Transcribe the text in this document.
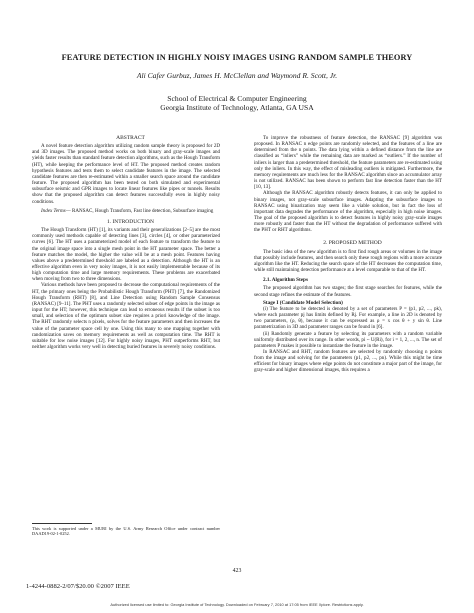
FEATURE DETECTION IN HIGHLY NOISY IMAGES USING RANDOM SAMPLE THEORY
Ali Cafer Gurbuz, James H. McClellan and Waymond R. Scott, Jr.
School of Electrical & Computer Engineering
Georgia Institute of Technology, Atlanta, GA USA

ABSTRACT

A novel feature detection algorithm utilizing random sample theory is proposed for 2D and 3D images. The proposed method works on both binary and gray-scale images and yields faster results than standard feature detection algorithms, such as the Hough Transform (HT), while keeping the performance level of HT. The proposed method creates random hypothesis features and tests them to select candidate features in the image. The selected candidate features are then re-estimated within a smaller search space around the candidate feature. The proposed algorithm has been tested on both simulated and experimental subsurface seismic and GPR images to locate linear features like pipes or tunnels. Results show that the proposed algorithm can detect features successfully even in highly noisy conditions.

Index Terms— RANSAC, Hough Transform, Fast line detection, Subsurface imaging

1. INTRODUCTION

The Hough Transform (HT) [1], its variants and their generalizations [2–5] are the most commonly used methods capable of detecting lines [3], circles [4], or other parameterized curves [6]. The HT uses a parameterized model of each feature to transform the feature to the original image space into a single mesh point in the HT parameter space. The better a feature matches the model, the higher the value will be at a mesh point. Features having values above a predetermined threshold are labeled as a detection. Although the HT is an effective algorithm even in very noisy images, it is not easily implementable because of its high computation time and large memory requirements. These problems are exacerbated when moving from two to three dimensions.

Various methods have been proposed to decrease the computational requirements of the HT, the primary ones being the Probabilistic Hough Transform (PHT) [7], the Randomized Hough Transform (RHT) [8], and Line Detection using Random Sample Consensus (RANSAC) [9–11]. The PHT uses a randomly selected subset of edge points in the image as input for the HT; however, this technique can lead to erroneous results if the subset is too small, and selection of the optimum subset size requires a priori knowledge of the image. The RHT randomly selects n pixels, solves for the feature parameters and then increases the value of the parameter space cell by one. Using this many to one mapping together with randomization saves on memory requirements as well as computation time. The RHT is suitable for low noise images [12]. For highly noisy images, PHT outperforms RHT, but neither algorithm works very well in detecting buried features in severely noisy conditions.

This work is supported under a MURI by the U.S. Army Research Office under contract number DAAD19-02-1-0252.

To improve the robustness of feature detection, the RANSAC [9] algorithm was proposed. In RANSAC n edge points are randomly selected, and the features of a line are determined from the n points. The data lying within a defined distance from the line are classified as “inliers” while the remaining data are marked as “outliers.” If the number of inliers is larger than a predetermined threshold, the feature parameters are re-estimated using only the inliers. In this way, the effect of misleading outliers is mitigated. Furthermore, the memory requirements are much less for the RANSAC algorithm since an accumulator array is not utilized. RANSAC has been shown to perform fast line detection faster than the HT [10, 13].

Although the RANSAC algorithm robustly detects features, it can only be applied to binary images, not gray-scale subsurface images. Adapting the subsurface images to RANSAC using binarization may seem like a viable solution, but in fact the loss of important data degrades the performance of the algorithm, especially in high noise images. The goal of the proposed algorithm is to detect features in highly noisy gray-scale images more robustly and faster than the HT without the degradation of performance suffered with the PHT or RHT algorithms.

2. PROPOSED METHOD

The basic idea of the new algorithm is to first find rough areas or volumes in the image that possibly include features, and then search only these rough regions with a more accurate algorithm like the HT. Reducing the search space of the HT decreases the computation time, while still maintaining detection performance at a level comparable to that of the HT.

2.1. Algorithm Steps

The proposed algorithm has two stages; the first stage searches for features, while the second stage refines the estimate of the features.

Stage I (Candidate Model Selection)

(i) The feature to be detected is denoted by a set of parameters P = (p1, p2, ..., pk), where each parameter pj has limits defined by Rj. For example, a line in 2D is denoted by two parameters, (ρ, θ), because it can be expressed as ρ = x cos θ + y sin θ. Line parametrization in 3D and parameter ranges can be found in [6].

(ii) Randomly generate a feature by selecting its parameters with a random variable uniformly distributed over its range. In other words, pi ~ U(Ri), for i = 1, 2, ..., n. The set of parameters P makes it possible to instantiate the feature in the image.

In RANSAC and RHT, random features are selected by randomly choosing n points from the image and solving for the parameters (p1, p2, ..., pn). While this might be time efficient for binary images where edge points do not constitute a major part of the image, for gray-scale and higher dimensional images, this requires a

423
1-4244-0882-2/07/$20.00 ©2007 IEEE
Authorized licensed use limited to: Georgia Institute of Technology. Downloaded on February 7, 2010 at 17:05 from IEEE Xplore. Restrictions apply.
